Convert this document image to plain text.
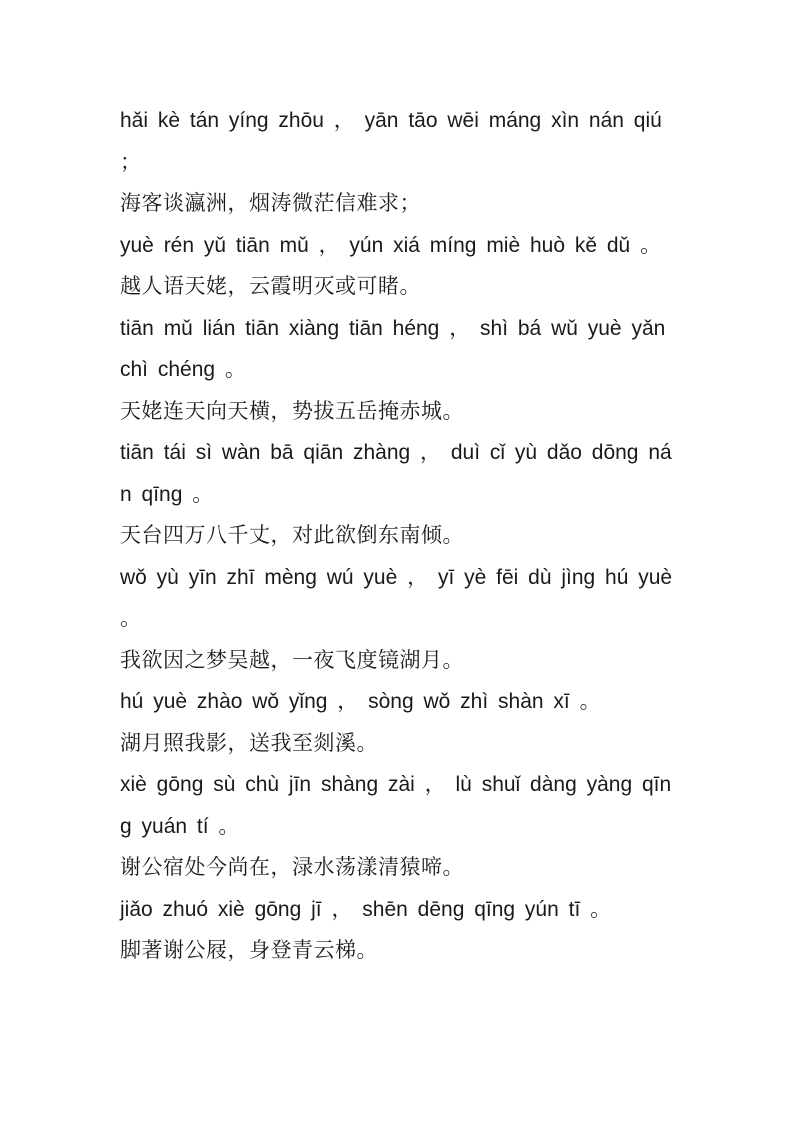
hǎi kè tán yíng zhōu ， yān tāo wēi máng xìn nán qiú ；

海客谈瀛洲，烟涛微茫信难求；

yuè rén yǔ tiān mǔ ， yún xiá míng miè huò kě dǔ 。

越人语天姥，云霞明灭或可睹。

tiān mǔ lián tiān xiàng tiān héng ， shì bá wǔ yuè yǎn chì chéng 。

天姥连天向天横，势拔五岳掩赤城。

tiān tái sì wàn bā qiān zhàng ， duì cǐ yù dǎo dōng nán qīng 。

天台四万八千丈，对此欲倒东南倾。

wǒ yù yīn zhī mèng wú yuè ， yī yè fēi dù jìng hú yuè 。

我欲因之梦吴越，一夜飞度镜湖月。

hú yuè zhào wǒ yǐng ， sòng wǒ zhì shàn xī 。

湖月照我影，送我至剡溪。

xiè gōng sù chù jīn shàng zài ， lù shuǐ dàng yàng qīng yuán tí 。

谢公宿处今尚在，渌水荡漾清猿啼。

jiǎo zhuó xiè gōng jī ， shēn dēng qīng yún tī 。

脚著谢公屐，身登青云梯。
